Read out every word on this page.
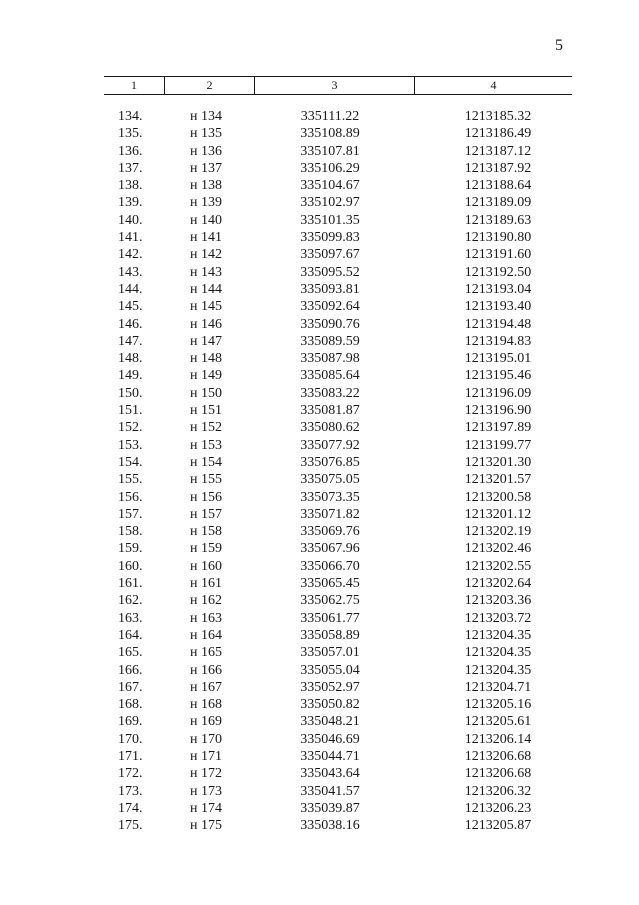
5
1	2	3	4
134.	н 134	335111.22	1213185.32
135.	н 135	335108.89	1213186.49
136.	н 136	335107.81	1213187.12
137.	н 137	335106.29	1213187.92
138.	н 138	335104.67	1213188.64
139.	н 139	335102.97	1213189.09
140.	н 140	335101.35	1213189.63
141.	н 141	335099.83	1213190.80
142.	н 142	335097.67	1213191.60
143.	н 143	335095.52	1213192.50
144.	н 144	335093.81	1213193.04
145.	н 145	335092.64	1213193.40
146.	н 146	335090.76	1213194.48
147.	н 147	335089.59	1213194.83
148.	н 148	335087.98	1213195.01
149.	н 149	335085.64	1213195.46
150.	н 150	335083.22	1213196.09
151.	н 151	335081.87	1213196.90
152.	н 152	335080.62	1213197.89
153.	н 153	335077.92	1213199.77
154.	н 154	335076.85	1213201.30
155.	н 155	335075.05	1213201.57
156.	н 156	335073.35	1213200.58
157.	н 157	335071.82	1213201.12
158.	н 158	335069.76	1213202.19
159.	н 159	335067.96	1213202.46
160.	н 160	335066.70	1213202.55
161.	н 161	335065.45	1213202.64
162.	н 162	335062.75	1213203.36
163.	н 163	335061.77	1213203.72
164.	н 164	335058.89	1213204.35
165.	н 165	335057.01	1213204.35
166.	н 166	335055.04	1213204.35
167.	н 167	335052.97	1213204.71
168.	н 168	335050.82	1213205.16
169.	н 169	335048.21	1213205.61
170.	н 170	335046.69	1213206.14
171.	н 171	335044.71	1213206.68
172.	н 172	335043.64	1213206.68
173.	н 173	335041.57	1213206.32
174.	н 174	335039.87	1213206.23
175.	н 175	335038.16	1213205.87
